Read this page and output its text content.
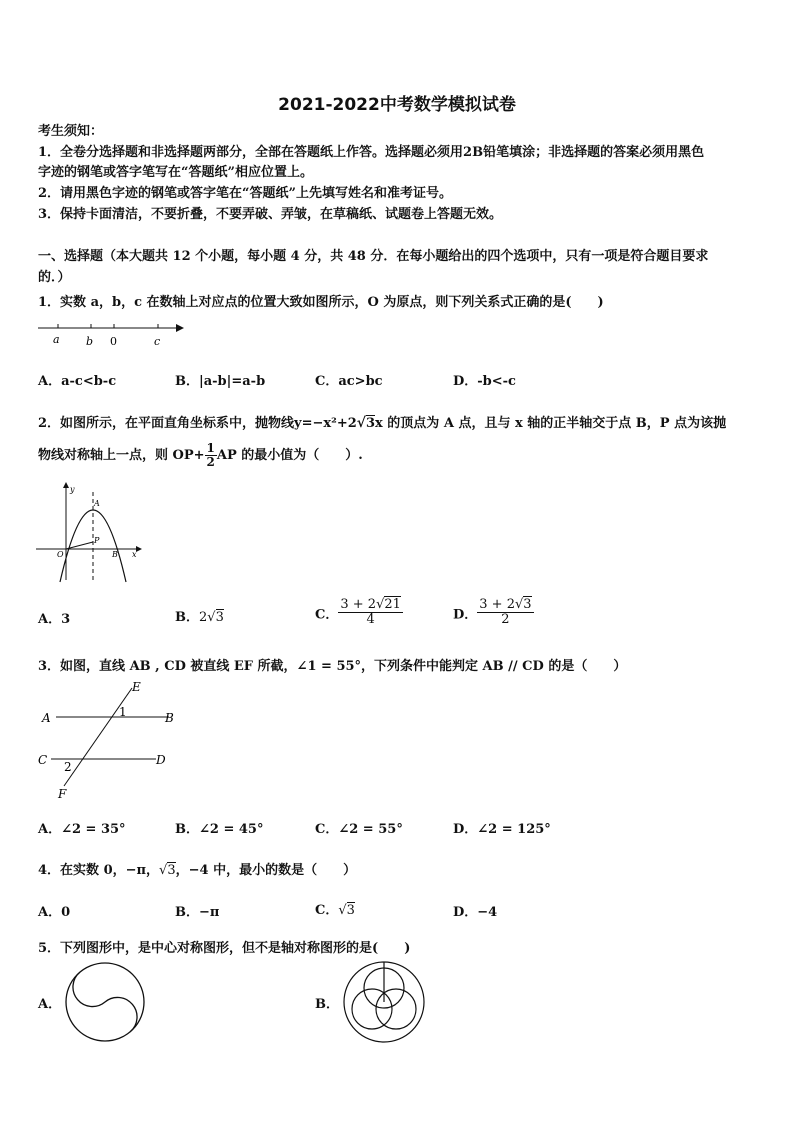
2021-2022中考数学模拟试卷
考生须知：
1．全卷分选择题和非选择题两部分，全部在答题纸上作答。选择题必须用2B铅笔填涂；非选择题的答案必须用黑色
字迹的钢笔或答字笔写在“答题纸”相应位置上。
2．请用黑色字迹的钢笔或答字笔在“答题纸”上先填写姓名和准考证号。
3．保持卡面清洁，不要折叠，不要弄破、弄皱，在草稿纸、试题卷上答题无效。
一、选择题（本大题共 12 个小题，每小题 4 分，共 48 分．在每小题给出的四个选项中，只有一项是符合题目要求
的．）
1．实数 a，b，c 在数轴上对应点的位置大致如图所示，O 为原点，则下列关系式正确的是(　　)
a b 0	c
A．a-c<b-c	B．|a-b|=a-b	C．ac>bc	D．-b<-c
2．如图所示，在平面直角坐标系中，抛物线y=−x²+2√3x 的顶点为 A 点，且与 x 轴的正半轴交于点 B，P 点为该抛
物线对称轴上一点，则 $OP+ \frac{1}{2}$ AP 的最小值为（　　）.
y
A
P
O	B x
A．3	B．2√3	C． $\frac{3 + 2√21}{4}$	D． $\frac{3 + 2√3}{2}$
3．如图，直线 AB , CD 被直线 EF 所截，∠1 = 55°，下列条件中能判定 AB // CD 的是（　　）
E
A	1	B
C 2	D
F
A．∠2 = 35°	B．∠2 = 45°	C．∠2 = 55°	D．∠2 = 125°
4．在实数 0，−π，√3，−4 中，最小的数是（　　）
A．0	B．−π	C．√3	D．−4
5．下列图形中，是中心对称图形，但不是轴对称图形的是(　　)
A．	B．
